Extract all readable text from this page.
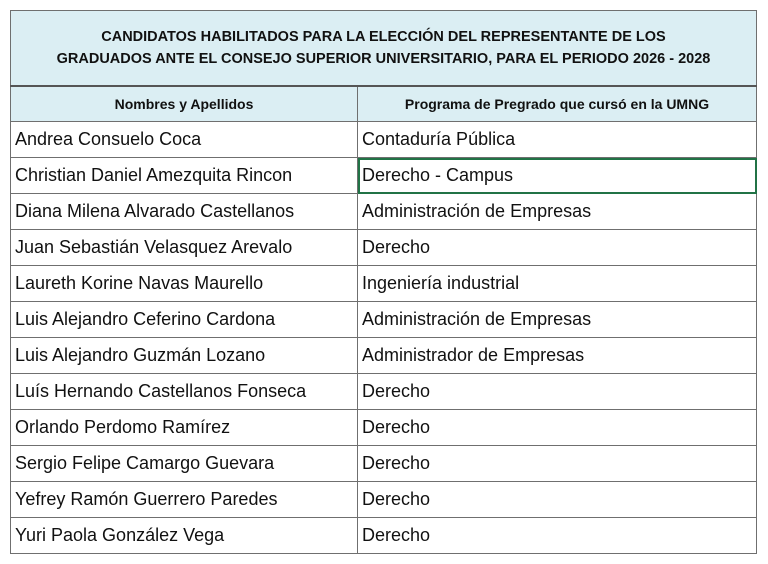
CANDIDATOS HABILITADOS PARA LA ELECCIÓN DEL REPRESENTANTE DE LOS
GRADUADOS ANTE EL CONSEJO SUPERIOR UNIVERSITARIO, PARA EL PERIODO 2026 - 2028	

Nombres y Apellidos	Programa de Pregrado que cursó en la UMNG
Andrea Consuelo Coca	Contaduría Pública
Christian Daniel Amezquita Rincon	Derecho - Campus
Diana Milena Alvarado Castellanos	Administración de Empresas
Juan Sebastián Velasquez Arevalo	Derecho
Laureth Korine Navas Maurello	Ingeniería industrial
Luis Alejandro Ceferino Cardona	Administración de Empresas
Luis Alejandro Guzmán Lozano	Administrador de Empresas
Luís Hernando Castellanos Fonseca	Derecho
Orlando Perdomo Ramírez	Derecho
Sergio Felipe Camargo Guevara	Derecho
Yefrey Ramón Guerrero Paredes	Derecho
Yuri Paola González Vega	Derecho
